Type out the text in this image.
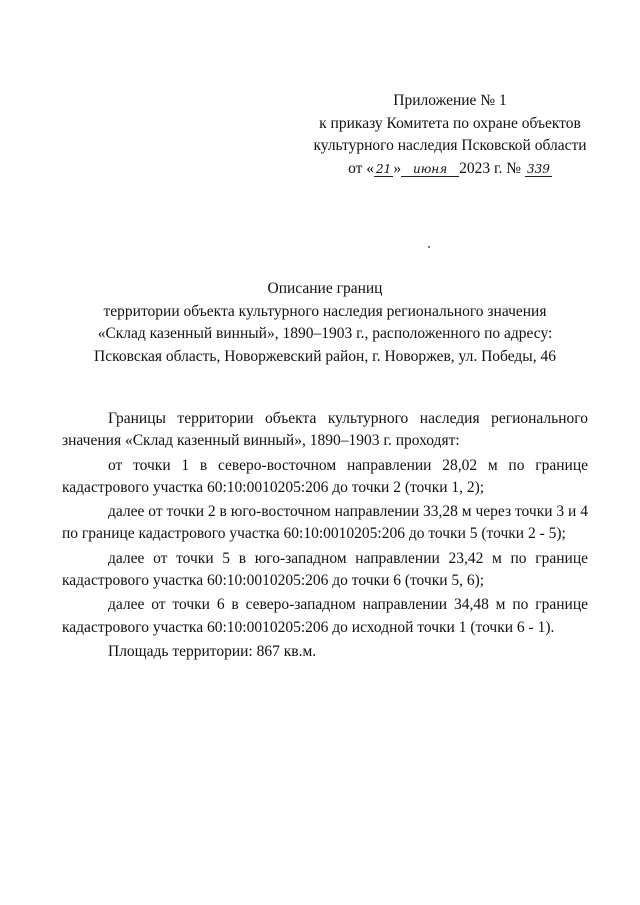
Приложение № 1
к приказу Комитета по охране объектов
культурного наследия Псковской области
от « 21 » июня 2023 г. № 339
Описание границ
территории объекта культурного наследия регионального значения
«Склад казенный винный», 1890–1903 г., расположенного по адресу:
Псковская область, Новоржевский район, г. Новоржев, ул. Победы, 46

Границы территории объекта культурного наследия регионального значения «Склад казенный винный», 1890–1903 г. проходят:

от точки 1 в северо-восточном направлении 28,02 м по границе кадастрового участка 60:10:0010205:206 до точки 2 (точки 1, 2);

далее от точки 2 в юго-восточном направлении 33,28 м через точки 3 и 4 по границе кадастрового участка 60:10:0010205:206 до точки 5 (точки 2 - 5);

далее от точки 5 в юго-западном направлении 23,42 м по границе кадастрового участка 60:10:0010205:206 до точки 6 (точки 5, 6);

далее от точки 6 в северо-западном направлении 34,48 м по границе кадастрового участка 60:10:0010205:206 до исходной точки 1 (точки 6 - 1).

Площадь территории: 867 кв.м.
